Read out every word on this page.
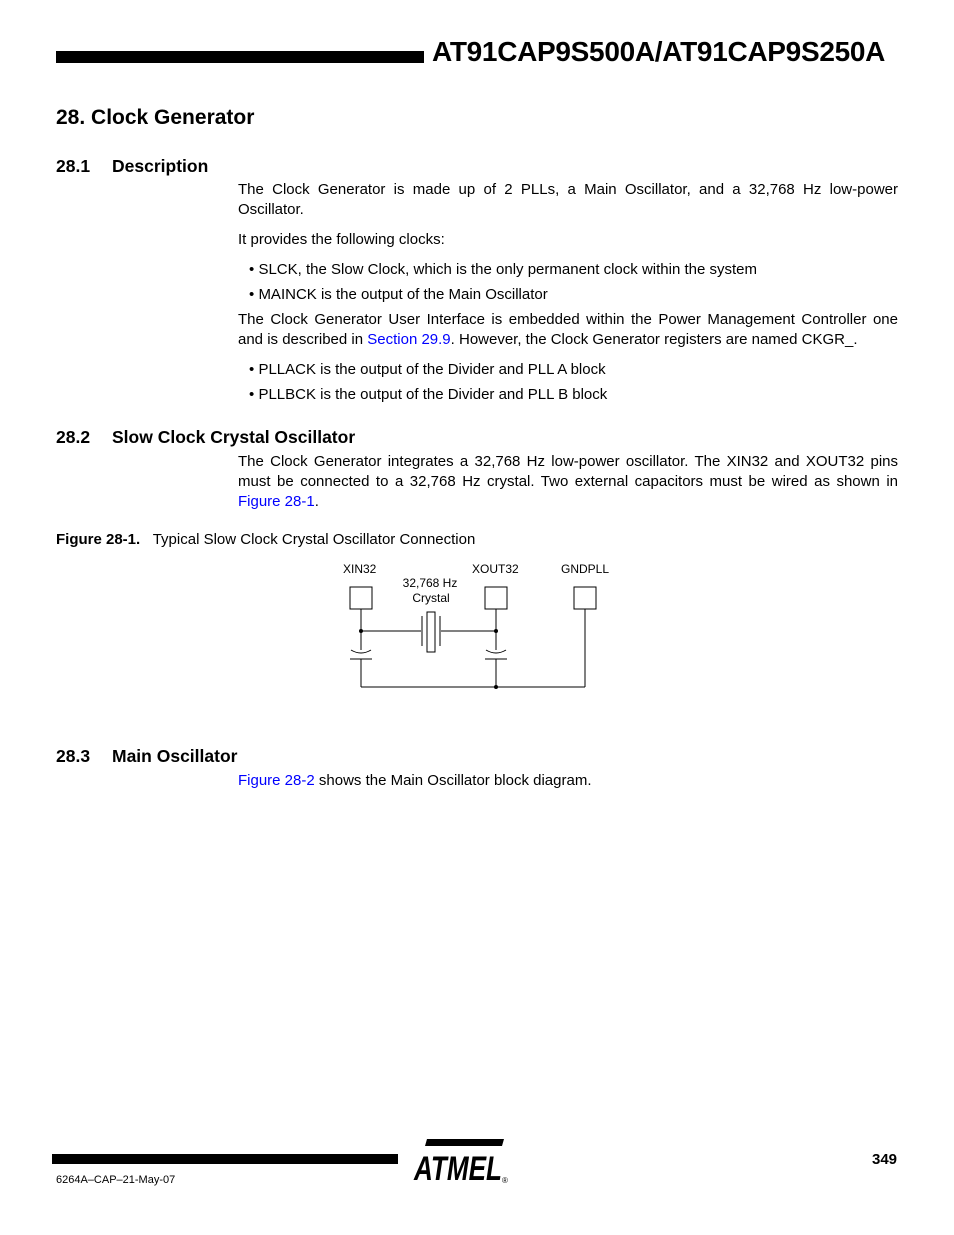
AT91CAP9S500A/AT91CAP9S250A
28. Clock Generator
28.1 Description

The Clock Generator is made up of 2 PLLs, a Main Oscillator, and a 32,768 Hz low-power Oscillator.

It provides the following clocks:

• SLCK, the Slow Clock, which is the only permanent clock within the system
• MAINCK is the output of the Main Oscillator

The Clock Generator User Interface is embedded within the Power Management Controller one and is described in Section 29.9. However, the Clock Generator registers are named CKGR_.

• PLLACK is the output of the Divider and PLL A block
• PLLBCK is the output of the Divider and PLL B block
28.2 Slow Clock Crystal Oscillator

The Clock Generator integrates a 32,768 Hz low-power oscillator. The XIN32 and XOUT32 pins must be connected to a 32,768 Hz crystal. Two external capacitors must be wired as shown in Figure 28-1.

Figure 28-1. Typical Slow Clock Crystal Oscillator Connection
XIN32	XOUT32	GNDPLL
32,768 Hz
Crystal
28.3 Main Oscillator

Figure 28-2 shows the Main Oscillator block diagram.

349
6264A–CAP–21-May-07	ATMEL ®
